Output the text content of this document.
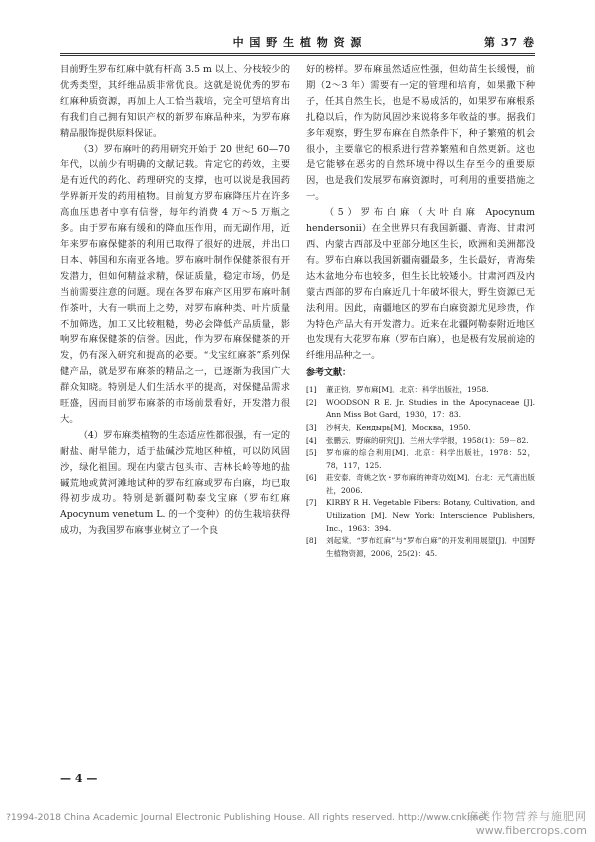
中 国 野 生 植 物 资 源	第 37 卷

目前野生罗布红麻中就有杆高 3.5 m 以上、分枝较少的优秀类型，其纤维品质非常优良。这就是说优秀的罗布红麻种质资源，再加上人工恰当栽培，完全可望培育出有我们自己拥有知识产权的新罗布麻品种来，为罗布麻精品服饰提供原料保证。

（3）罗布麻叶的药用研究开始于 20 世纪 60—70 年代，以前少有明确的文献记载。肯定它的药效，主要是有近代的药化、药理研究的支撑，也可以说是我国药学界新开发的药用植物。目前复方罗布麻降压片在许多高血压患者中享有信誉，每年约消费 4 万～5 万瓶之多。由于罗布麻有缓和的降血压作用，而无副作用，近年来罗布麻保健茶的利用已取得了很好的进展，并出口日本、韩国和东南亚各地。罗布麻叶制作保健茶很有开发潜力，但如何精益求精，保证质量，稳定市场，仍是当前需要注意的问题。现在各罗布麻产区用罗布麻叶制作茶叶，大有一哄而上之势，对罗布麻种类、叶片质量不加筛选，加工又比较粗糙，势必会降低产品质量，影响罗布麻保健茶的信誉。因此，作为罗布麻保健茶的开发，仍有深入研究和提高的必要。“戈宝红麻茶”系列保健产品，就是罗布麻茶的精品之一，已逐渐为我国广大群众知晓。特别是人们生活水平的提高，对保健品需求旺盛，因而目前罗布麻茶的市场前景看好，开发潜力很大。

（4）罗布麻类植物的生态适应性都很强，有一定的耐盐、耐旱能力，适于盐碱沙荒地区种植，可以防风固沙，绿化祖国。现在内蒙古包头市、吉林长岭等地的盐碱荒地或黄河滩地试种的罗布红麻或罗布白麻，均已取得初步成功。特别是新疆阿勒泰戈宝麻（罗布红麻 Apocynum venetum L. 的一个变种）的仿生栽培获得成功，为我国罗布麻事业树立了一个良

好的榜样。罗布麻虽然适应性强，但幼苗生长缓慢，前期（2～3 年）需要有一定的管理和培育，如果撒下种子，任其自然生长，也是不易成活的，如果罗布麻根系扎稳以后，作为防风固沙来说将多年收益的事。据我们多年观察，野生罗布麻在自然条件下，种子繁殖的机会很小，主要靠它的根系进行营养繁殖和自然更新。这也是它能够在恶劣的自然环境中得以生存至今的重要原因，也是我们发展罗布麻资源时，可利用的重要措施之一。

（5）罗布白麻（大叶白麻 Apocynum hendersonii）在全世界只有我国新疆、青海、甘肃河西、内蒙古西部及中亚部分地区生长，欧洲和美洲都没有。罗布白麻以我国新疆南疆最多，生长最好，青海柴达木盆地分布也较多，但生长比较矮小。甘肃河西及内蒙古西部的罗布白麻近几十年破坏很大，野生资源已无法利用。因此，南疆地区的罗布白麻资源尤见珍贵，作为特色产品大有开发潜力。近来在北疆阿勒泰附近地区也发现有大花罗布麻（罗布白麻），也是极有发展前途的纤维用品种之一。

参考文献：
[1]	董正钧．罗布麻[M]．北京：科学出版社，1958.
[2]	WOODSON R E. Jr. Studies in the Apocynaceae [J]. Ann Miss Bot Gard，1930，17：83.
[3]	沙柯夫．Кендырь[M]．Москва，1950.
[4]	张鹏云．野麻的研究[J]．兰州大学学报，1958(1)：59－82.
[5]	罗布麻的综合利用[M]．北京：科学出版社，1978：52，78，117，125.
[6]	莊安泰．奇姚之饮・罗布麻的神奇功效[M]．台北：元气斋出版社，2006.
[7]	KIRBY R H. Vegetable Fibers: Botany, Cultivation, and Utilization [M]. New York: Interscience Publishers, Inc.，1963：394.
[8]	刘起棠．“罗布红麻”与“罗布白麻”的开发利用展望[J]．中国野生植物资源，2006，25(2)：45.
— 4 —
?1994-2018 China Academic Journal Electronic Publishing House. All rights reserved. http://www.cnki.net
麻类作物营养与施肥网
www.fibercrops.com
